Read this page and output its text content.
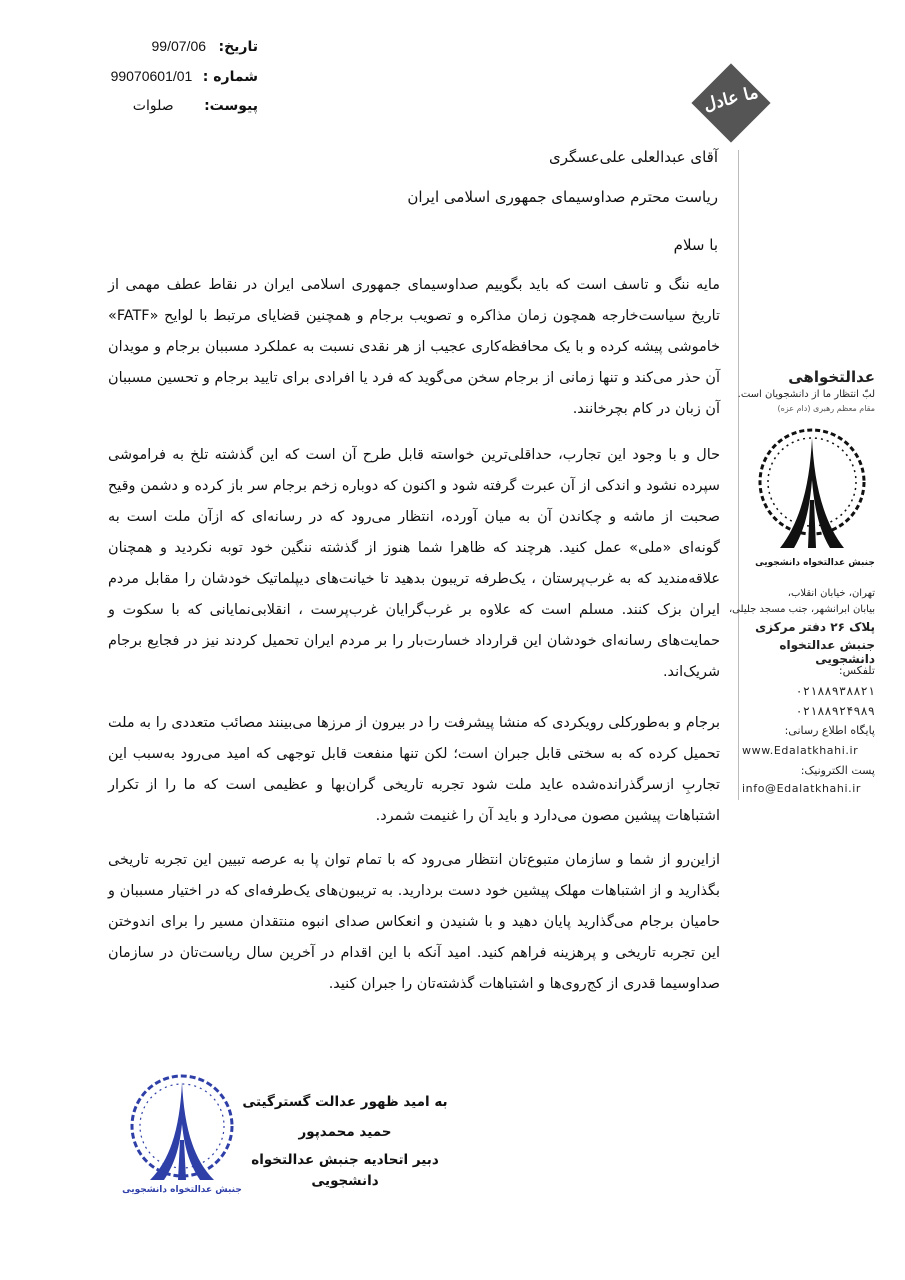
تاریخ: 99/07/06
شماره : 99070601/01
پیوست: صلوات	ما عادل
آقای عبدالعلی علی‌عسگری
ریاست محترم صداوسیمای جمهوری اسلامی ایران
با سلام
مایه ننگ و تاسف است که باید بگوییم صداوسیمای جمهوری اسلامی ایران در نقاط عطف مهمی از تاریخ سیاست‌خارجه همچون زمان مذاکره و تصویب برجام و همچنین قضایای مرتبط با لوایح «FATF» خاموشی پیشه کرده و با یک محافظه‌کاری عجیب از هر نقدی نسبت به عملکرد مسببان برجام و مویدان آن حذر می‌کند و تنها زمانی از برجام سخن می‌گوید که فرد یا افرادی برای تایید برجام و تحسین مسببان آن زبان در کام بچرخانند.
حال و با وجود این تجارب، حداقلی‌ترین خواسته قابل طرح آن است که این گذشته تلخ به فراموشی سپرده نشود و اندکی از آن عبرت گرفته شود و اکنون که دوباره زخم برجام سر باز کرده و دشمن وقیح صحبت از ماشه و چکاندن آن به میان آورده، انتظار می‌رود که در رسانه‌ای که ازآن ملت است به گونه‌ای «ملی» عمل کنید. هرچند که ظاهرا شما هنوز از گذشته ننگین خود توبه نکردید و همچنان علاقه‌مندید که به غرب‌پرستان ، یک‌طرفه تریبون بدهید تا خیانت‌های دیپلماتیک خودشان را مقابل مردم ایران بزک کنند. مسلم است که علاوه بر غرب‌گرایان غرب‌پرست ، انقلابی‌نمایانی که با سکوت و حمایت‌های رسانه‌ای خودشان این قرارداد خسارت‌بار را بر مردم ایران تحمیل کردند نیز در فجایع برجام شریک‌اند.
برجام و به‌طورکلی رویکردی که منشا پیشرفت را در بیرون از مرزها می‌بینند مصائب متعددی را به ملت تحمیل کرده که به سختی قابل جبران است؛ لکن تنها منفعت قابل توجهی که امید می‌رود به‌سبب این تجاربِ ازسرگذرانده‌شده عاید ملت شود تجربه تاریخی گران‌بها و عظیمی است که ما را از تکرار اشتباهات پیشین مصون می‌دارد و باید آن را غنیمت شمرد.
ازاین‌رو از شما و سازمان متبوع‌تان انتظار می‌رود که با تمام توان پا به عرصه تبیین این تجربه تاریخی بگذارید و از اشتباهات مهلک پیشین خود دست بردارید. به تریبون‌های یک‌طرفه‌ای که در اختیار مسببان و حامیان برجام می‌گذارید پایان دهید و با شنیدن و انعکاس صدای انبوه منتقدان مسیر را برای اندوختن این تجربه تاریخی و پرهزینه فراهم کنید. امید آنکه با این اقدام در آخرین سال ریاست‌تان در سازمان صداوسیما قدری از کج‌روی‌ها و اشتباهات گذشته‌تان را جبران کنید.
عدالتخواهی
لبّ انتظار ما از دانشجویان است.
مقام معظم رهبری (دام عزه)
جنبش عدالتخواه دانشجویی
تهران، خیابان انقلاب،
بیابان ابرانشهر، جنب مسجد جلیلی،
پلاک ۲۶ دفتر مرکزی
جنبش عدالتخواه دانشجویی
تلفکس:
۰۲۱۸۸۹۳۸۸۲۱
۰۲۱۸۸۹۲۴۹۸۹
پایگاه اطلاع رسانی:
www.Edalatkhahi.ir
پست الکترونیک:
info@Edalatkhahi.ir
به امید ظهور عدالت گسترگیتی
حمید محمدپور
دبیر اتحادیه جنبش عدالتخواه دانشجویی
جنبش عدالتخواه دانشجویی
